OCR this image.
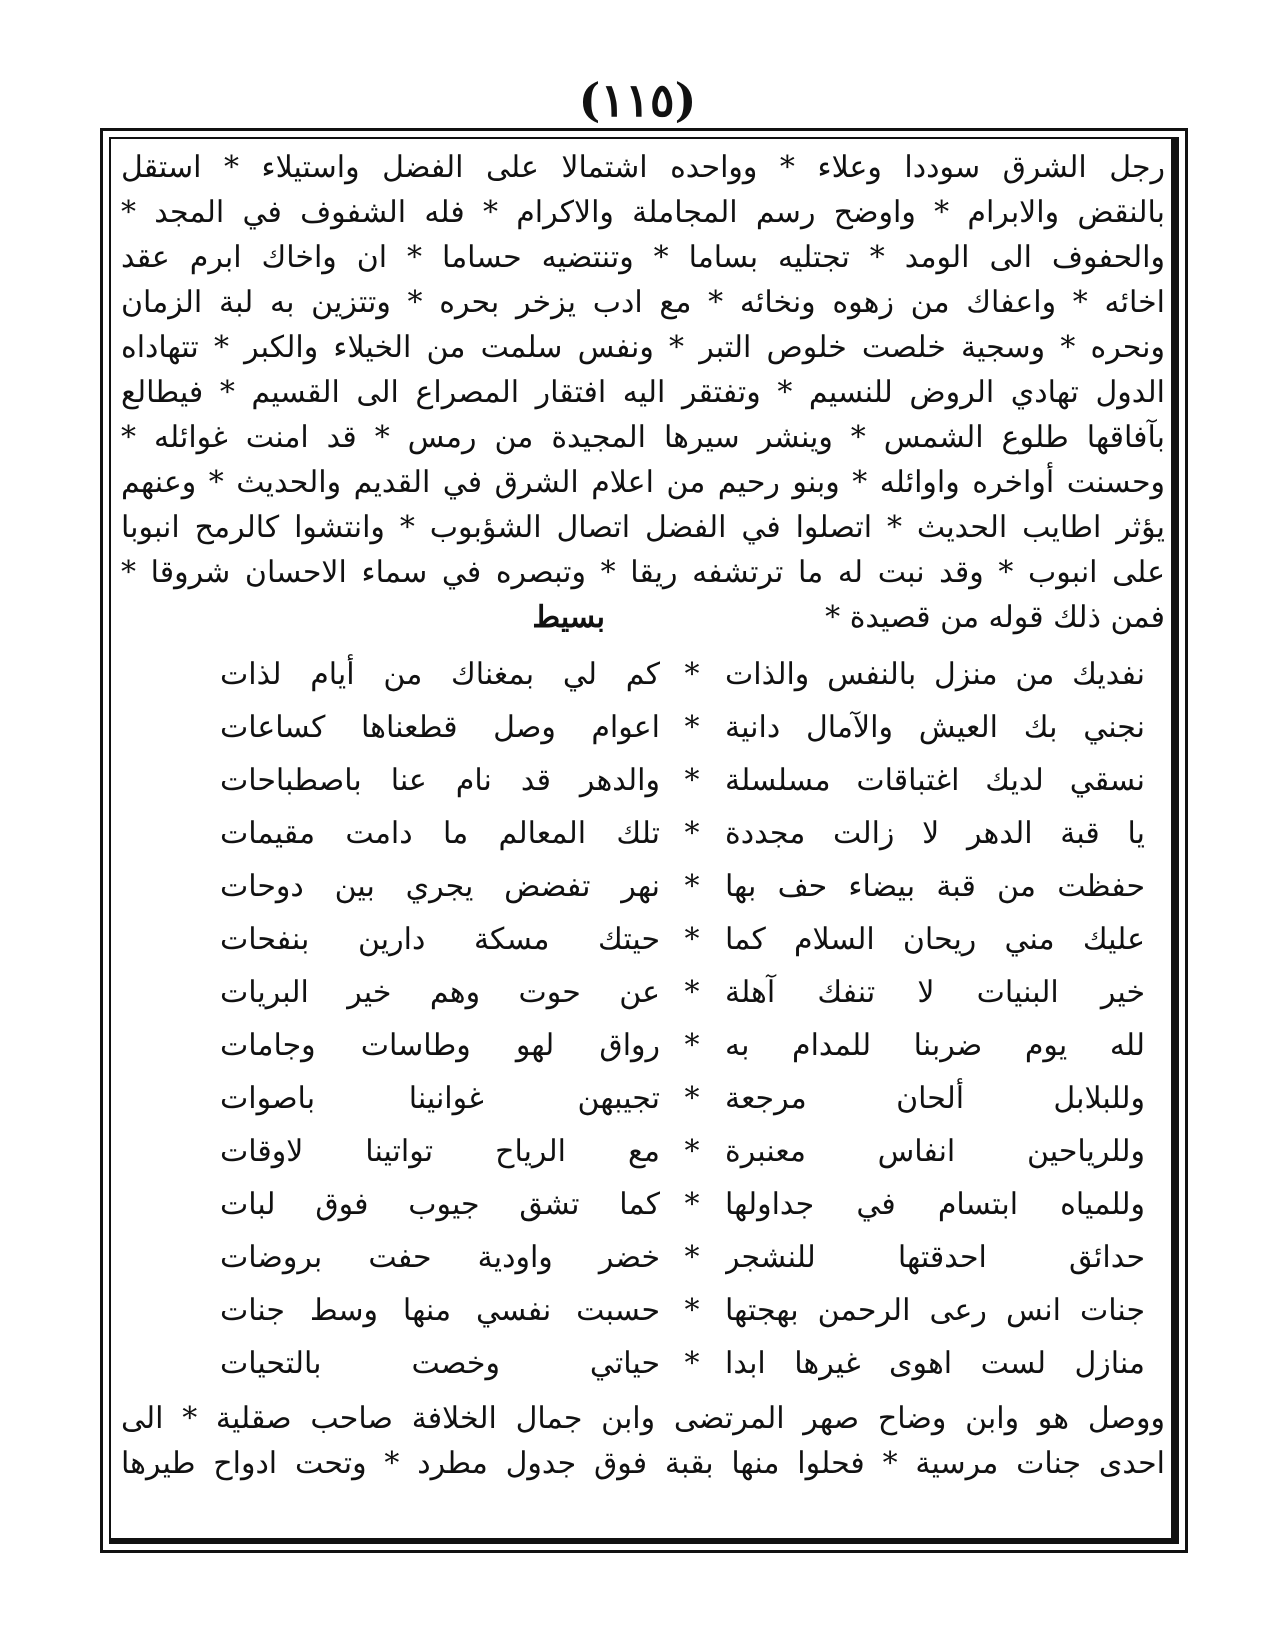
(١١٥)
رجل الشرق سوددا وعلاء * وواحده اشتمالا على الفضل واستيلاء * استقل
بالنقض والابرام * واوضح رسم المجاملة والاكرام * فله الشفوف في المجد *
والحفوف الى الومد * تجتليه بساما * وتنتضيه حساما * ان واخاك ابرم عقد
اخائه * واعفاك من زهوه ونخائه * مع ادب يزخر بحره * وتتزين به لبة الزمان
ونحره * وسجية خلصت خلوص التبر * ونفس سلمت من الخيلاء والكبر * تتهاداه
الدول تهادي الروض للنسيم * وتفتقر اليه افتقار المصراع الى القسيم * فيطالع
بآفاقها طلوع الشمس * وينشر سيرها المجيدة من رمس * قد امنت غوائله *
وحسنت أواخره واوائله * وبنو رحيم من اعلام الشرق في القديم والحديث * وعنهم
يؤثر اطايب الحديث * اتصلوا في الفضل اتصال الشؤبوب * وانتشوا كالرمح انبوبا
على انبوب * وقد نبت له ما ترتشفه ريقا * وتبصره في سماء الاحسان شروقا *
فمن ذلك قوله من قصيدة *
بسيط
نفديك من منزل بالنفس والذات
*
كم لي بمغناك من أيام لذات
نجني بك العيش والآمال دانية
*
اعوام وصل قطعناها كساعات
نسقي لديك اغتباقات مسلسلة
*
والدهر قد نام عنا باصطباحات
يا قبة الدهر لا زالت مجددة
*
تلك المعالم ما دامت مقيمات
حفظت من قبة بيضاء حف بها
*
نهر تفضض يجري بين دوحات
عليك مني ريحان السلام كما
*
حيتك مسكة دارين بنفحات
خير البنيات لا تنفك آهلة
*
عن حوت وهم خير البريات
لله يوم ضربنا للمدام به
*
رواق لهو وطاسات وجامات
وللبلابل ألحان مرجعة
*
تجيبهن غوانينا باصوات
وللرياحين انفاس معنبرة
*
مع الرياح تواتينا لاوقات
وللمياه ابتسام في جداولها
*
كما تشق جيوب فوق لبات
حدائق احدقتها للنشجر
*
خضر واودية حفت بروضات
جنات انس رعى الرحمن بهجتها
*
حسبت نفسي منها وسط جنات
منازل لست اهوى غيرها ابدا
*
حياتي وخصت بالتحيات
ووصل هو وابن وضاح صهر المرتضى وابن جمال الخلافة صاحب صقلية * الى
احدى جنات مرسية * فحلوا منها بقبة فوق جدول مطرد * وتحت ادواح طيرها
